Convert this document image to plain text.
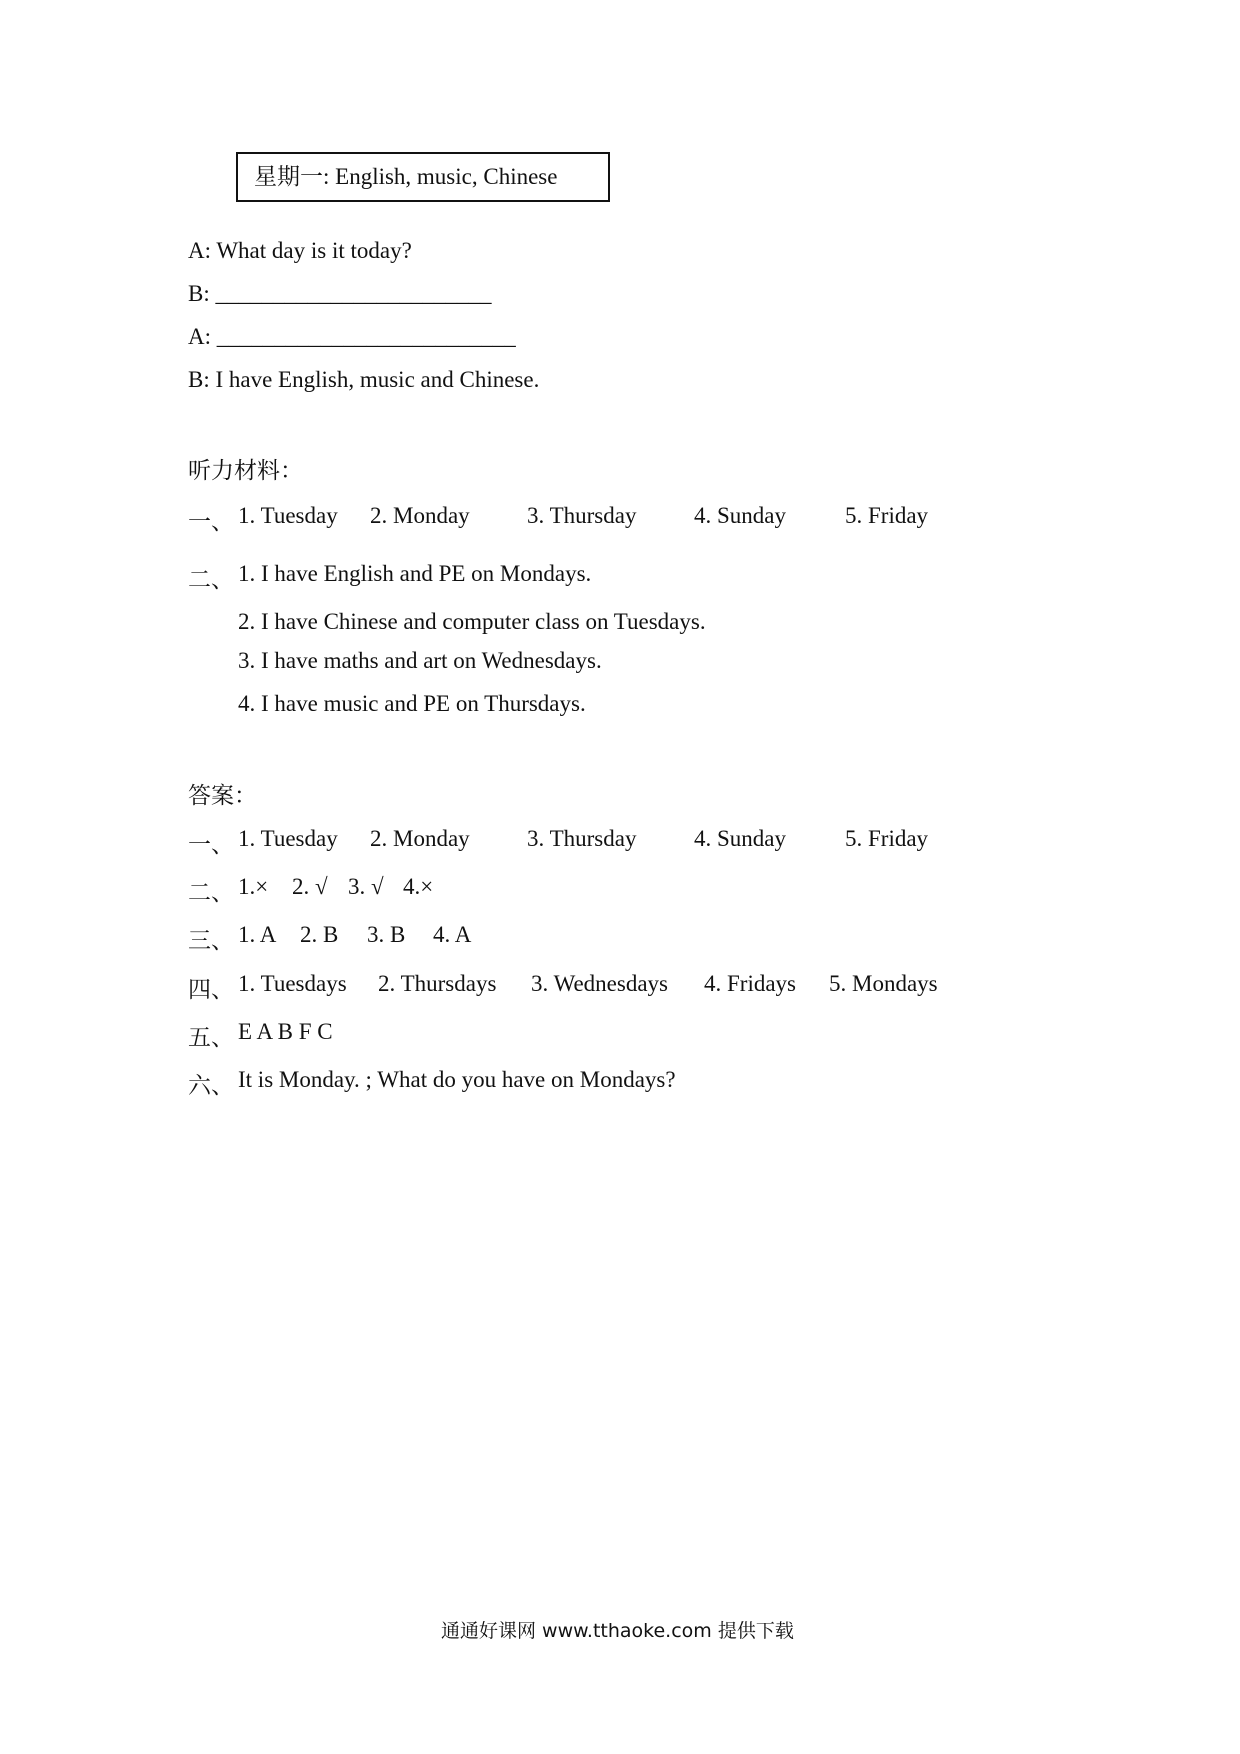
星期一: English, music, Chinese
A: What day is it today?
B: ________________________
A: __________________________
B: I have English, music and Chinese.
听力材料：
一、 1. Tuesday 2. Monday 3. Thursday	4. Sunday	5. Friday
二、 1. I have English and PE on Mondays.
2. I have Chinese and computer class on Tuesdays.
3. I have maths and art on Wednesdays.
4. I have music and PE on Thursdays.
答案：
一、 1. Tuesday 2. Monday 3. Thursday	4. Sunday	5. Friday
二、 1.× 2. √ 3. √ 4.×
三、 1. A 2. B 3. B 4. A
四、 1. Tuesdays 2. Thursdays 3. Wednesdays 4. Fridays 5. Mondays
五、 E A B F C
六、 It is Monday. ; What do you have on Mondays?
通通好课网 www.tthaoke.com 提供下载
